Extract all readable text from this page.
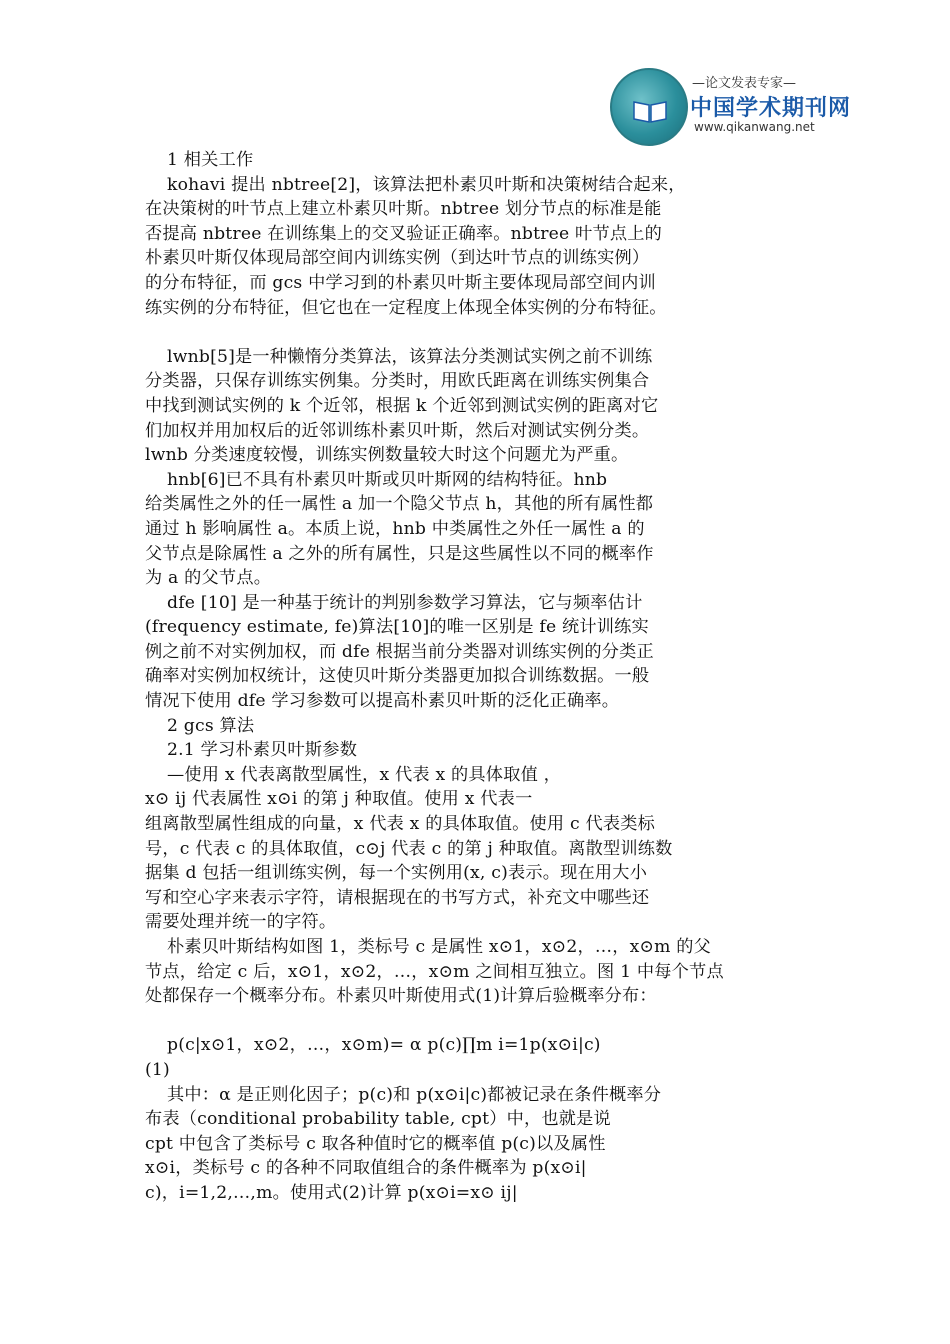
—论文发表专家—
中国学术期刊网
www.qikanwang.net
1 相关工作
kohavi 提出 nbtree[2]，该算法把朴素贝叶斯和决策树结合起来，
在决策树的叶节点上建立朴素贝叶斯。nbtree 划分节点的标准是能
否提高 nbtree 在训练集上的交叉验证正确率。nbtree 叶节点上的
朴素贝叶斯仅体现局部空间内训练实例（到达叶节点的训练实例）
的分布特征，而 gcs 中学习到的朴素贝叶斯主要体现局部空间内训
练实例的分布特征，但它也在一定程度上体现全体实例的分布特征。

lwnb[5]是一种懒惰分类算法，该算法分类测试实例之前不训练
分类器，只保存训练实例集。分类时，用欧氏距离在训练实例集合
中找到测试实例的 k 个近邻，根据 k 个近邻到测试实例的距离对它
们加权并用加权后的近邻训练朴素贝叶斯，然后对测试实例分类。
lwnb 分类速度较慢，训练实例数量较大时这个问题尤为严重。
hnb[6]已不具有朴素贝叶斯或贝叶斯网的结构特征。hnb
给类属性之外的任一属性 a 加一个隐父节点 h，其他的所有属性都
通过 h 影响属性 a。本质上说，hnb 中类属性之外任一属性 a 的
父节点是除属性 a 之外的所有属性，只是这些属性以不同的概率作
为 a 的父节点。
dfe [10] 是一种基于统计的判别参数学习算法，它与频率估计
(frequency estimate, fe)算法[10]的唯一区别是 fe 统计训练实
例之前不对实例加权，而 dfe 根据当前分类器对训练实例的分类正
确率对实例加权统计，这使贝叶斯分类器更加拟合训练数据。一般
情况下使用 dfe 学习参数可以提高朴素贝叶斯的泛化正确率。
2 gcs 算法
2.1 学习朴素贝叶斯参数
—使用 x 代表离散型属性，x 代表 x 的具体取值 ，
x⊙ ij 代表属性 x⊙i 的第 j 种取值。使用 x 代表一
组离散型属性组成的向量，x 代表 x 的具体取值。使用 c 代表类标
号，c 代表 c 的具体取值，c⊙j 代表 c 的第 j 种取值。离散型训练数
据集 d 包括一组训练实例，每一个实例用(x, c)表示。现在用大小
写和空心字来表示字符，请根据现在的书写方式，补充文中哪些还
需要处理并统一的字符。
朴素贝叶斯结构如图 1，类标号 c 是属性 x⊙1，x⊙2，…，x⊙m 的父
节点，给定 c 后，x⊙1，x⊙2，…，x⊙m 之间相互独立。图 1 中每个节点
处都保存一个概率分布。朴素贝叶斯使用式(1)计算后验概率分布：

p(c|x⊙1，x⊙2，…，x⊙m)= α p(c)∏m i=1p(x⊙i|c)
(1)
其中：α 是正则化因子；p(c)和 p(x⊙i|c)都被记录在条件概率分
布表（conditional probability table, cpt）中，也就是说
cpt 中包含了类标号 c 取各种值时它的概率值 p(c)以及属性
x⊙i，类标号 c 的各种不同取值组合的条件概率为 p(x⊙i|
c)，i=1,2,…,m。使用式(2)计算 p(x⊙i=x⊙ ij|
